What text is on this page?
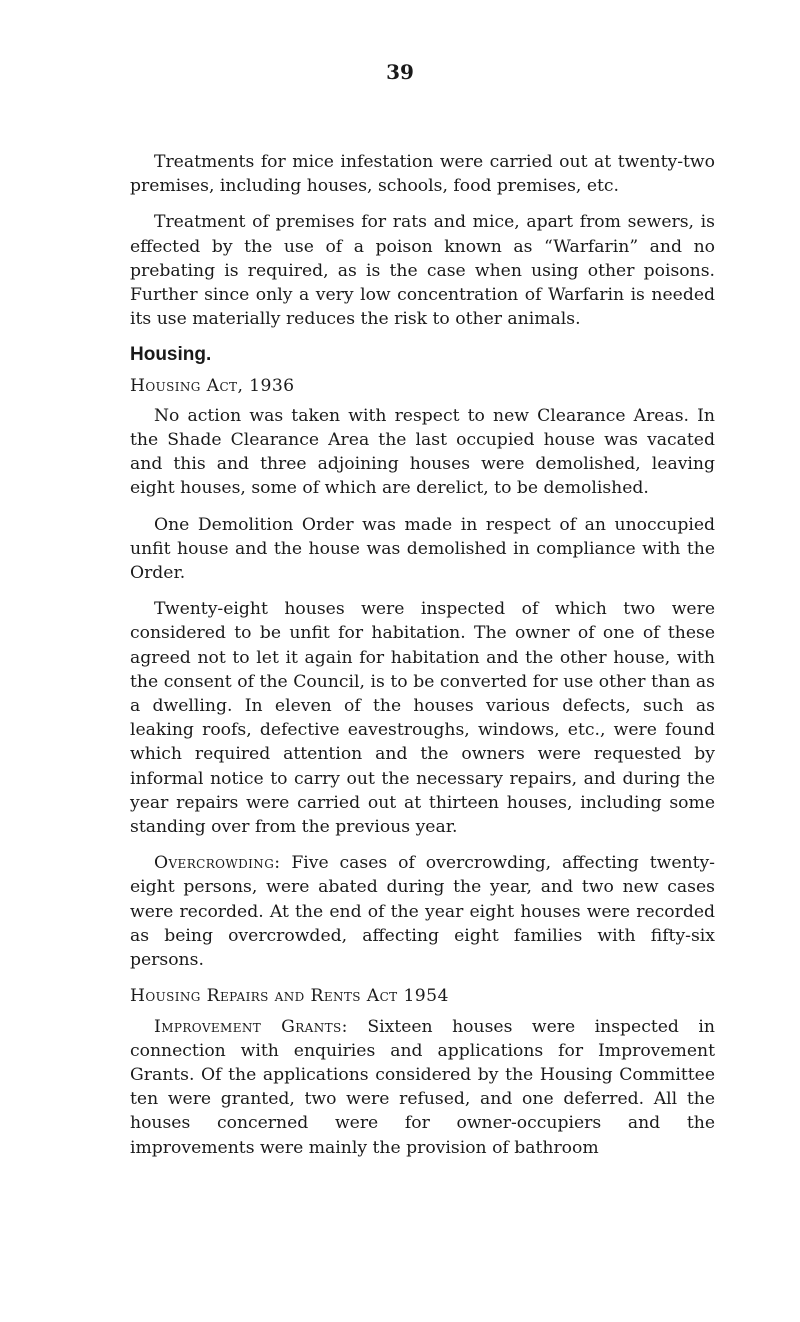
39

Treatments for mice infestation were carried out at twenty-two premises, including houses, schools, food premises, etc.

Treatment of premises for rats and mice, apart from sewers, is effected by the use of a poison known as “Warfarin” and no prebating is required, as is the case when using other poisons. Further since only a very low concentration of Warfarin is needed its use materially reduces the risk to other animals.

Housing.
Housing Act, 1936

No action was taken with respect to new Clearance Areas. In the Shade Clearance Area the last occupied house was vacated and this and three adjoining houses were demolished, leaving eight houses, some of which are derelict, to be demolished.

One Demolition Order was made in respect of an unoccupied unfit house and the house was demolished in compliance with the Order.

Twenty-eight houses were inspected of which two were considered to be unfit for habitation. The owner of one of these agreed not to let it again for habitation and the other house, with the consent of the Council, is to be converted for use other than as a dwelling. In eleven of the houses various defects, such as leaking roofs, defective eavestroughs, windows, etc., were found which required attention and the owners were requested by informal notice to carry out the necessary repairs, and during the year repairs were carried out at thirteen houses, including some standing over from the previous year.

Overcrowding: Five cases of overcrowding, affecting twenty-eight persons, were abated during the year, and two new cases were recorded. At the end of the year eight houses were recorded as being overcrowded, affecting eight families with fifty-six persons.

Housing Repairs and Rents Act 1954

Improvement Grants: Sixteen houses were inspected in connection with enquiries and applications for Improvement Grants. Of the applications considered by the Housing Committee ten were granted, two were refused, and one deferred. All the houses concerned were for owner-occupiers and the improvements were mainly the provision of bathroom
